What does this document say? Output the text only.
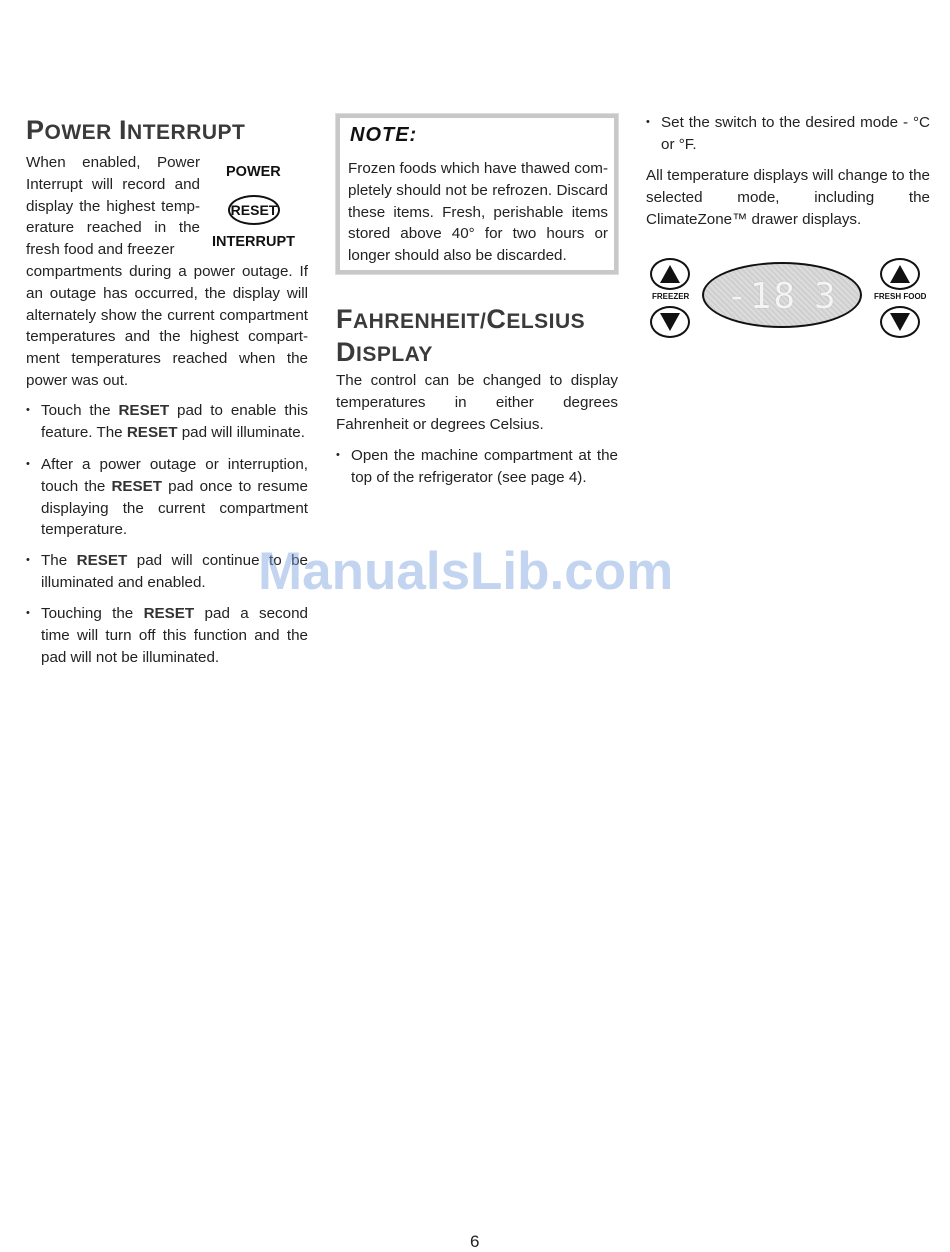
POWER INTERRUPT

When enabled, Power Interrupt will record and display the highest temperature reached in the fresh food and freezer

compartments during a power outage. If an outage has occurred, the display will alternately show the current compartment temperatures and the highest compartment temperatures reached when the power was out.

POWER
RESET
INTERRUPT
• Touch the RESET pad to enable this feature. The RESET pad will illuminate.
• After a power outage or interruption, touch the RESET pad once to resume displaying the current compartment temperature.
• The RESET pad will continue to be illuminated and enabled.
• Touching the RESET pad a second time will turn off this function and the pad will not be illuminated.
NOTE:
Frozen foods which have thawed completely should not be refrozen. Discard these items. Fresh, perishable items stored above 40° for two hours or longer should also be discarded.
FAHRENHEIT/CELSIUS
DISPLAY

The control can be changed to display temperatures in either degrees Fahrenheit or degrees Celsius.

• Open the machine compartment at the top of the refrigerator (see page 4).
• Set the switch to the desired mode - °C or °F.

All temperature displays will change to the selected mode, including the ClimateZone™ drawer displays.

FREEZER -18 3	FRESH FOOD
ManualsLib.com
6
